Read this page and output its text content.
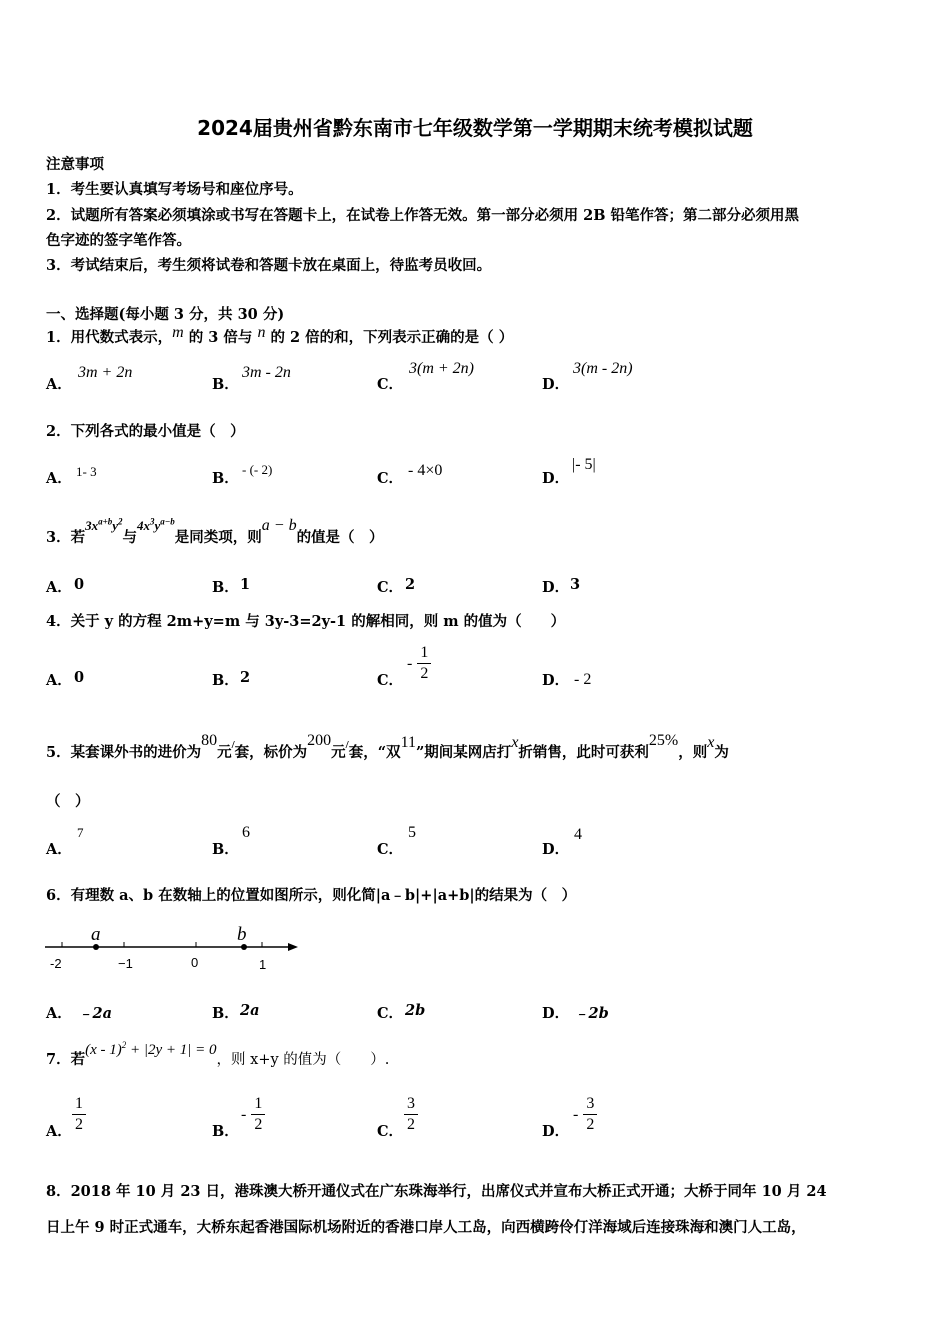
2024届贵州省黔东南市七年级数学第一学期期末统考模拟试题
注意事项
1．考生要认真填写考场号和座位序号。
2．试题所有答案必须填涂或书写在答题卡上，在试卷上作答无效。第一部分必须用 2B 铅笔作答；第二部分必须用黑
色字迹的签字笔作答。
3．考试结束后，考生须将试卷和答题卡放在桌面上，待监考员收回。
一、选择题(每小题 3 分，共 30 分)
1．用代数式表示，m 的 3 倍与 n 的 2 倍的和，下列表示正确的是（ ）
A．
3m + 2n
B．
3m - 2n
C．
3(m + 2n)
D．
3(m - 2n)
2．下列各式的最小值是（　）
A． 1- 3	B．
- (- 2)
C． - 4×0	D．
|- 5|
3．若$3x^{a+b}y^2$与$4x^3y^{a-b}$是同类项，则a − b的值是（　）
A． 0	B． 1	C． 2	D． 3
4．关于 y 的方程 2m+y=m 与 3y-3=2y-1 的解相同，则 m 的值为（　　）
A． 0	B． 2	C．
- $\frac{1}{2}$	D． - 2
5．某套课外书的进价为80元/套，标价为200元/套，“双11”期间某网店打x折销售，此时可获利25%，则x为
（　）
A．
7
B．
6
C．
5
D．
4
6．有理数 a、b 在数轴上的位置如图所示，则化简|a﹣b|+|a+b|的结果为（　）
a	b
-2	−1	0	1
A． ﹣2a	B． 2a	C． 2b	D． ﹣2b
7．若(x - 1)$^2$ + |2y + 1| = 0，则 x+y 的值为（　　）.
A． $\frac{1}{2}$	B．
- $\frac{1}{2}$	C． $\frac{3}{2}$	D．
- $\frac{3}{2}$
8．2018 年 10 月 23 日，港珠澳大桥开通仪式在广东珠海举行，出席仪式并宣布大桥正式开通；大桥于同年 10 月 24
日上午 9 时正式通车，大桥东起香港国际机场附近的香港口岸人工岛，向西横跨伶仃洋海域后连接珠海和澳门人工岛，
